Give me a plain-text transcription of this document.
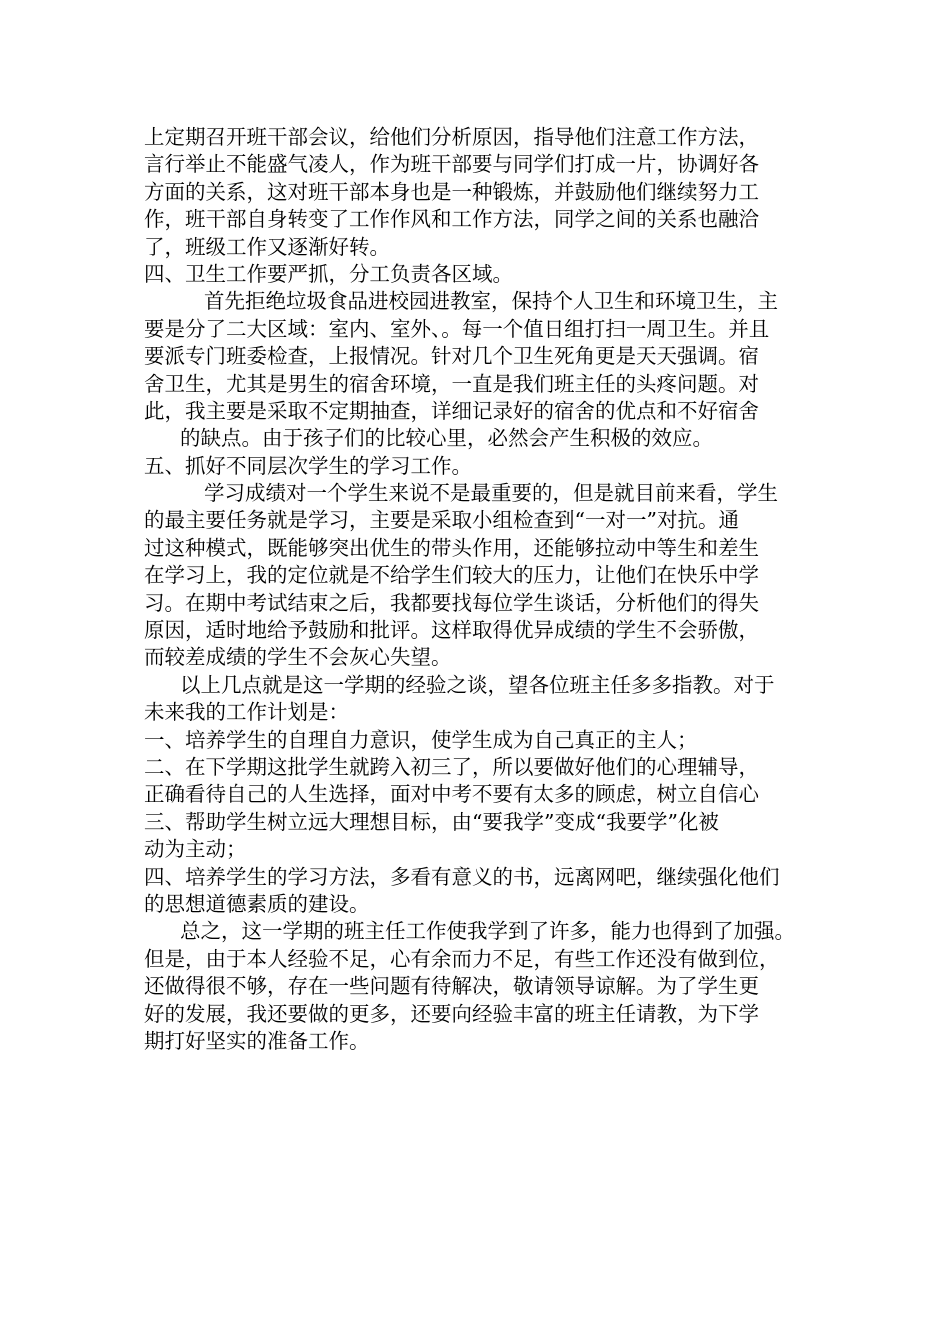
上定期召开班干部会议，给他们分析原因，指导他们注意工作方法，
言行举止不能盛气凌人，作为班干部要与同学们打成一片，协调好各
方面的关系，这对班干部本身也是一种锻炼，并鼓励他们继续努力工
作，班干部自身转变了工作作风和工作方法，同学之间的关系也融洽
了，班级工作又逐渐好转。
四、卫生工作要严抓，分工负责各区域。
首先拒绝垃圾食品进校园进教室，保持个人卫生和环境卫生，主
要是分了二大区域：室内、室外、。每一个值日组打扫一周卫生。并且
要派专门班委检查，上报情况。针对几个卫生死角更是天天强调。宿
舍卫生，尤其是男生的宿舍环境，一直是我们班主任的头疼问题。对
此，我主要是采取不定期抽查，详细记录好的宿舍的优点和不好宿舍
的缺点。由于孩子们的比较心里，必然会产生积极的效应。
五、抓好不同层次学生的学习工作。
学习成绩对一个学生来说不是最重要的，但是就目前来看，学生
的最主要任务就是学习，主要是采取小组检查到“一对一”对抗。通
过这种模式，既能够突出优生的带头作用，还能够拉动中等生和差生
在学习上，我的定位就是不给学生们较大的压力，让他们在快乐中学
习。在期中考试结束之后，我都要找每位学生谈话，分析他们的得失
原因，适时地给予鼓励和批评。这样取得优异成绩的学生不会骄傲，
而较差成绩的学生不会灰心失望。
以上几点就是这一学期的经验之谈，望各位班主任多多指教。对于
未来我的工作计划是：
一、培养学生的自理自力意识，使学生成为自己真正的主人；
二、在下学期这批学生就跨入初三了，所以要做好他们的心理辅导，
正确看待自己的人生选择，面对中考不要有太多的顾虑，树立自信心
三、帮助学生树立远大理想目标，由“要我学”变成“我要学”化被
动为主动；
四、培养学生的学习方法，多看有意义的书，远离网吧，继续强化他们
的思想道德素质的建设。
总之，这一学期的班主任工作使我学到了许多，能力也得到了加强。
但是，由于本人经验不足，心有余而力不足，有些工作还没有做到位，
还做得很不够，存在一些问题有待解决，敬请领导谅解。为了学生更
好的发展，我还要做的更多，还要向经验丰富的班主任请教，为下学
期打好坚实的准备工作。
